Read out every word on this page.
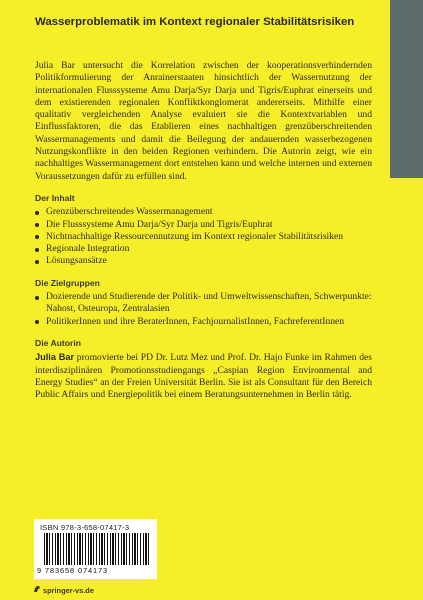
Wasserproblematik im Kontext regionaler Stabilitätsrisiken

Julia Bar untersucht die Korrelation zwischen der kooperationsverhindernden Politikformulierung der Anrainerstaaten hinsichtlich der Wassernutzung der internationalen Flusssysteme Amu Darja/Syr Darja und Tigris/Euphrat einerseits und dem existierenden regionalen Konfliktkonglomerat andererseits. Mithilfe einer qualitativ vergleichenden Analyse evaluiert sie die Kontextvariablen und Einflussfaktoren, die das Etablieren eines nachhaltigen grenzüberschreitenden Wassermanagements und damit die Beilegung der andauernden wasserbezogenen Nutzungskonflikte in den beiden Regionen verhindern. Die Autorin zeigt, wie ein nachhaltiges Wassermanagement dort entstehen kann und welche internen und externen Voraussetzungen dafür zu erfüllen sind.

Der Inhalt
Grenzüberschreitendes Wassermanagement
Die Flusssysteme Amu Darja/Syr Darja und Tigris/Euphrat
Nichtnachhaltige Ressourcennutzung im Kontext regionaler Stabilitätsrisiken
Regionale Integration
Lösungsansätze
Die Zielgruppen
Dozierende und Studierende der Politik- und Umweltwissenschaften, Schwerpunkte: Nahost, Osteuropa, Zentralasien
PolitikerInnen und ihre BeraterInnen, FachjournalistInnen, FachreferentInnen
Die Autorin

Julia Bar promovierte bei PD Dr. Lutz Mez und Prof. Dr. Hajo Funke im Rahmen des interdisziplinären Promotionsstudiengangs „Caspian Region Environmental and Energy Studies“ an der Freien Universität Berlin. Sie ist als Consultant für den Bereich Public Affairs und Energiepolitik bei einem Beratungsunternehmen in Berlin tätig.

ISBN 978-3-658-07417-3
9 783658 074173
springer-vs.de
